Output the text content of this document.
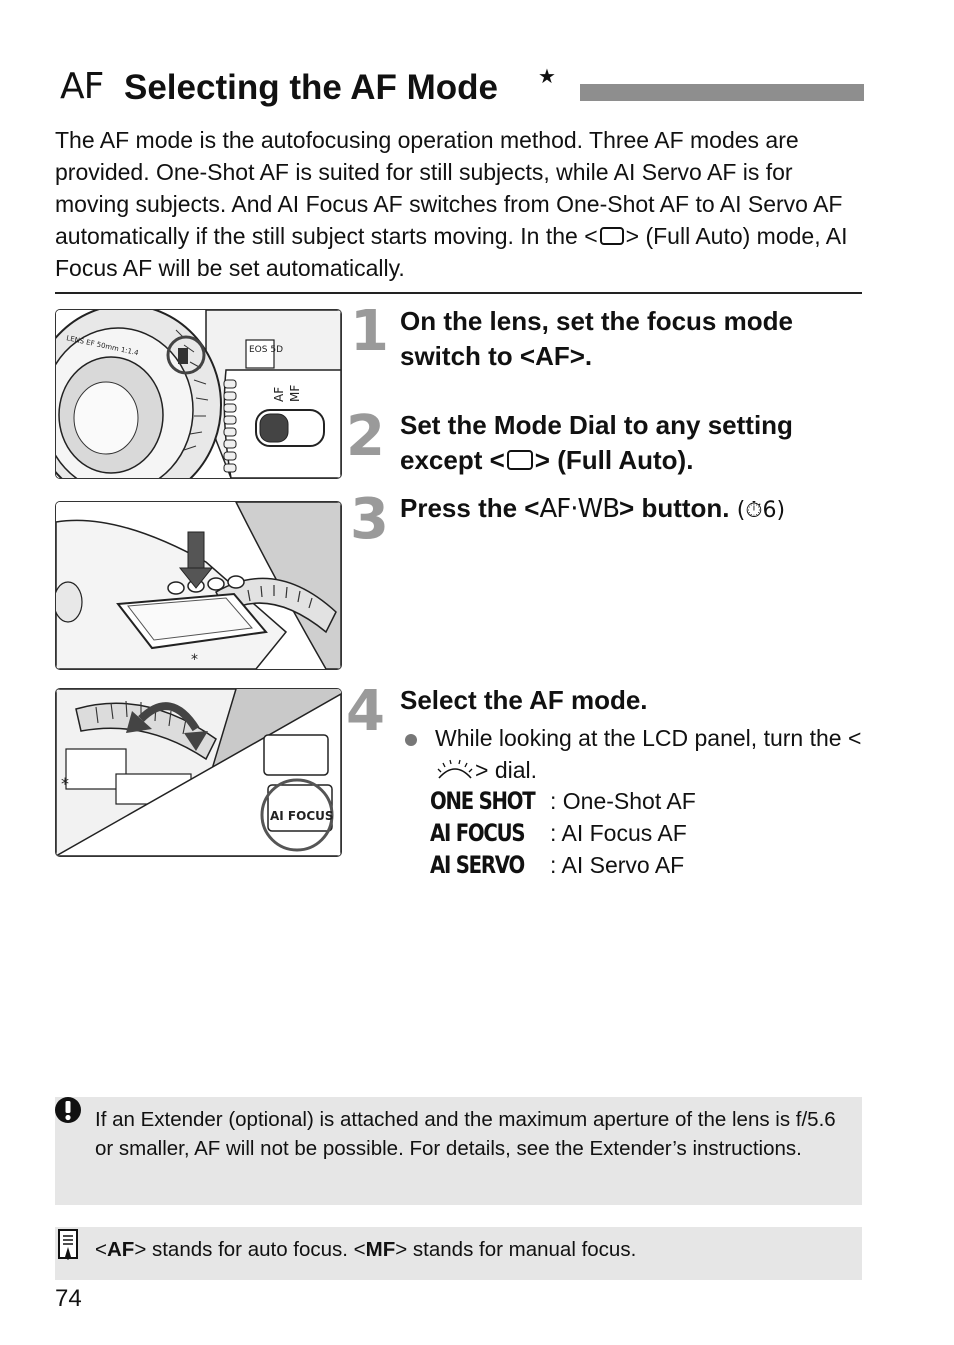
AF Selecting the AF Mode ★
The AF mode is the autofocusing operation method. Three AF modes are provided. One-Shot AF is suited for still subjects, while AI Servo AF is for moving subjects. And AI Focus AF switches from One-Shot AF to AI Servo AF automatically if the still subject starts moving. In the < > (Full Auto) mode, AI Focus AF will be set automatically.
LENS EF 50mm 1:1.4	EOS 5D
AF MF
*
AI FOCUS
*
1 On the lens, set the focus mode switch to <AF>.
2 Set the Mode Dial to any setting except < > (Full Auto).
3 Press the <AF·WB> button. (⏱6)
4 Select the AF mode.
While looking at the LCD panel, turn the <> dial.
ONE SHOT : One-Shot AF
AI FOCUS : AI Focus AF
AI SERVO : AI Servo AF
If an Extender (optional) is attached and the maximum aperture of the lens is f/5.6 or smaller, AF will not be possible. For details, see the Extender’s instructions.
<AF> stands for auto focus. <MF> stands for manual focus.
74
